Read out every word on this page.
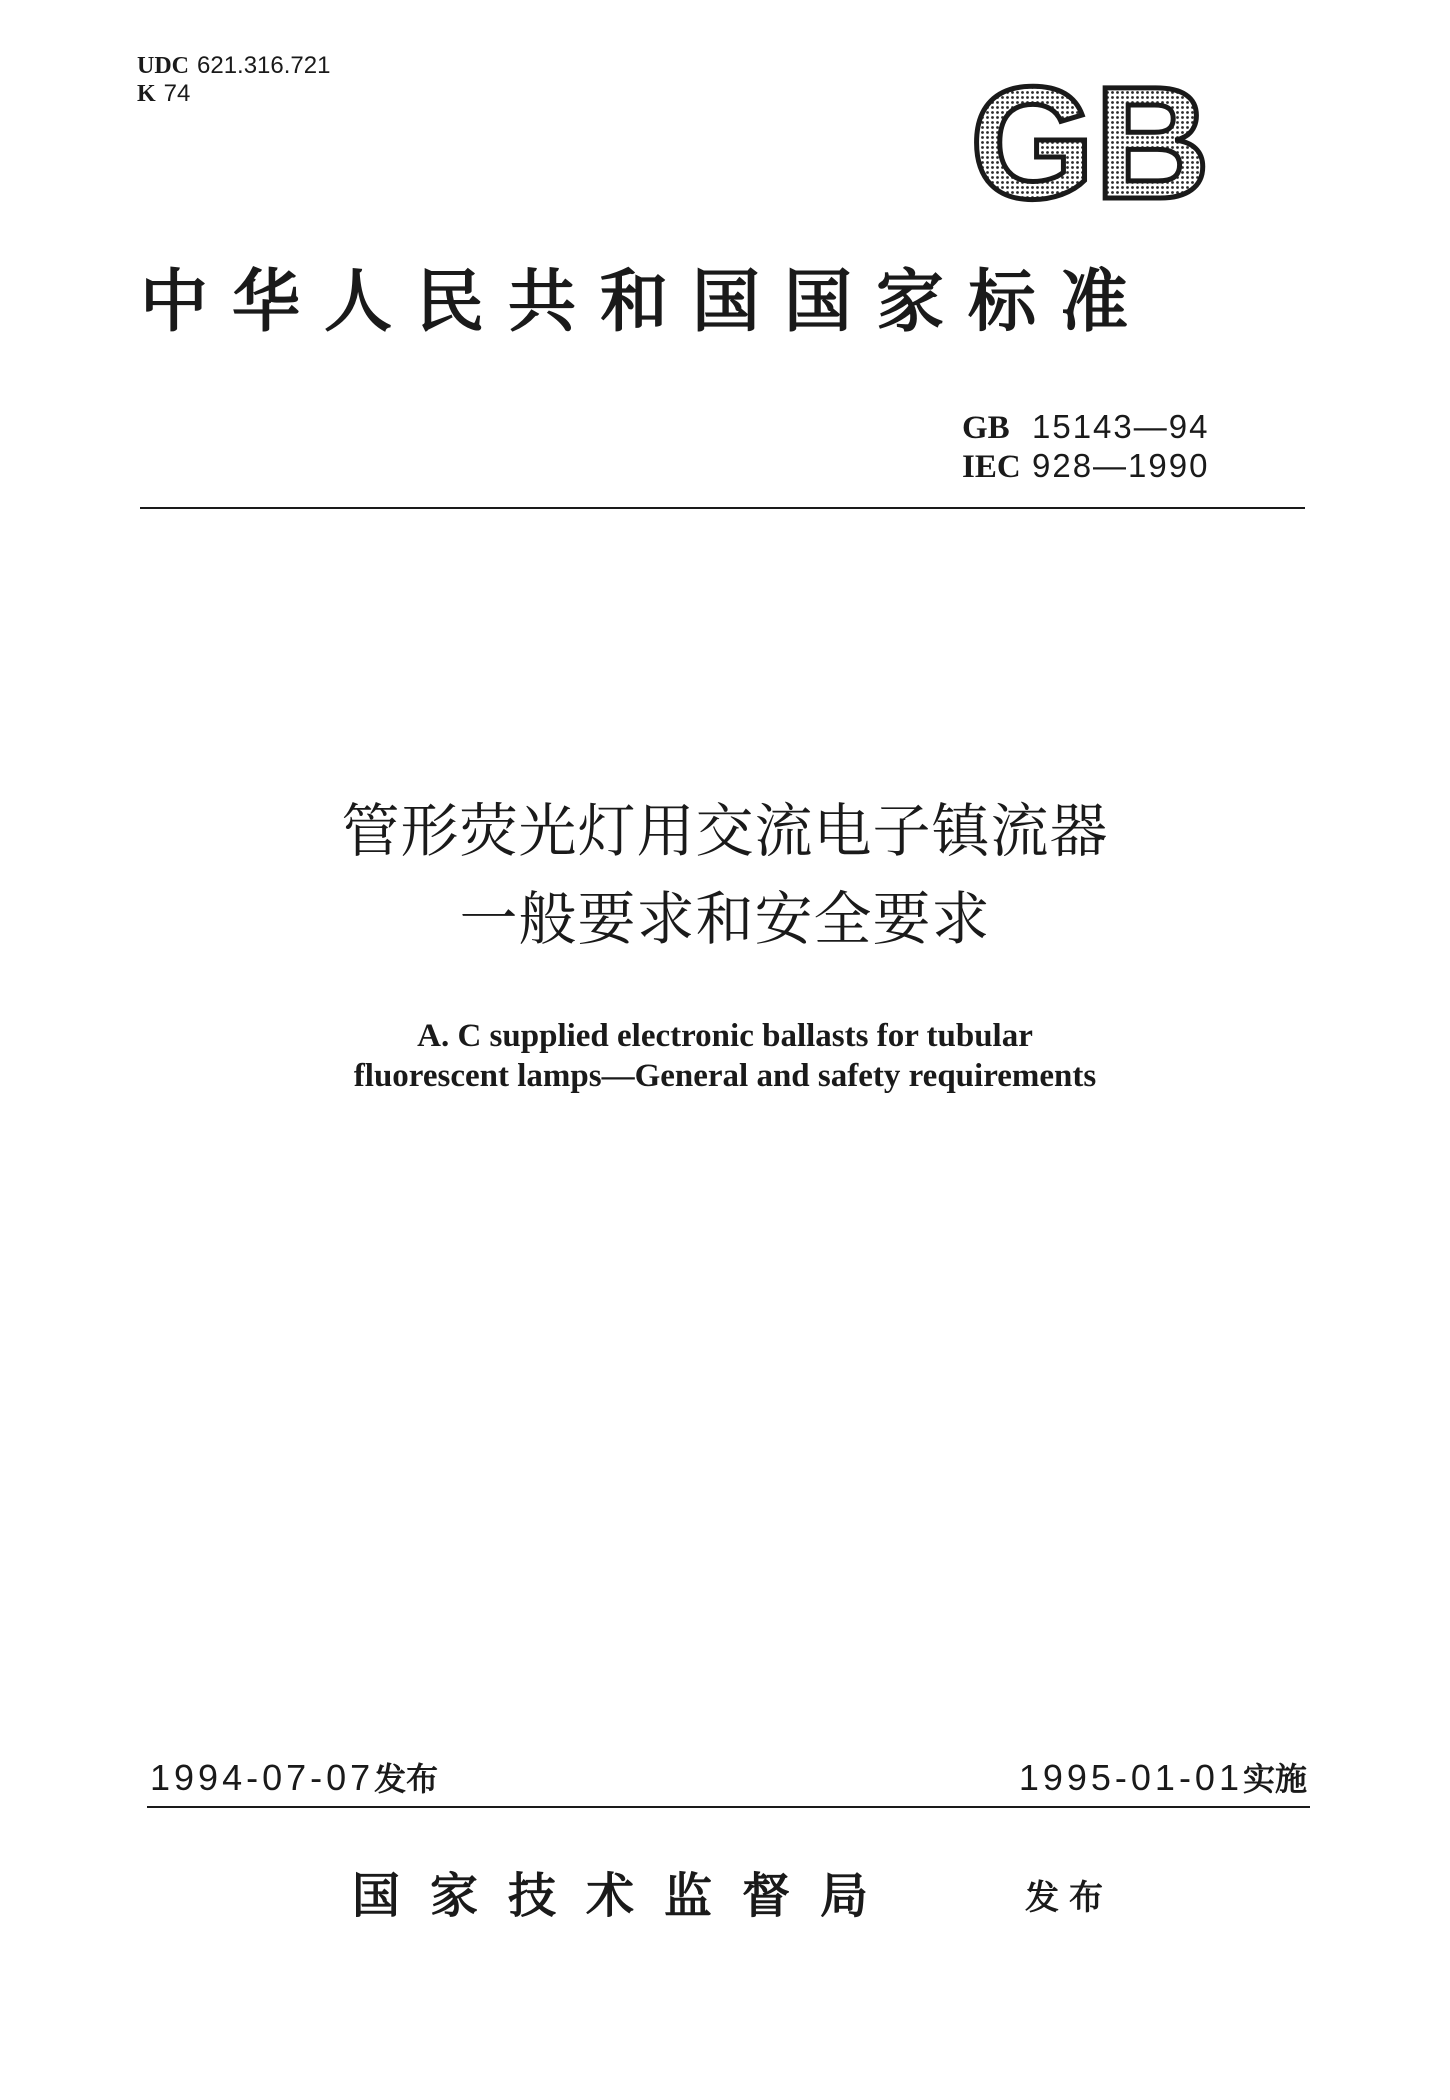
UDC 621.316.721
K 74	GB
中华人民共和国国家标准
GB 15143—94
IEC 928—1990
管形荧光灯用交流电子镇流器
一般要求和安全要求
A. C supplied electronic ballasts for tubular
fluorescent lamps—General and safety requirements
1994-07-07发布	1995-01-01实施
国家技术监督局	发布
